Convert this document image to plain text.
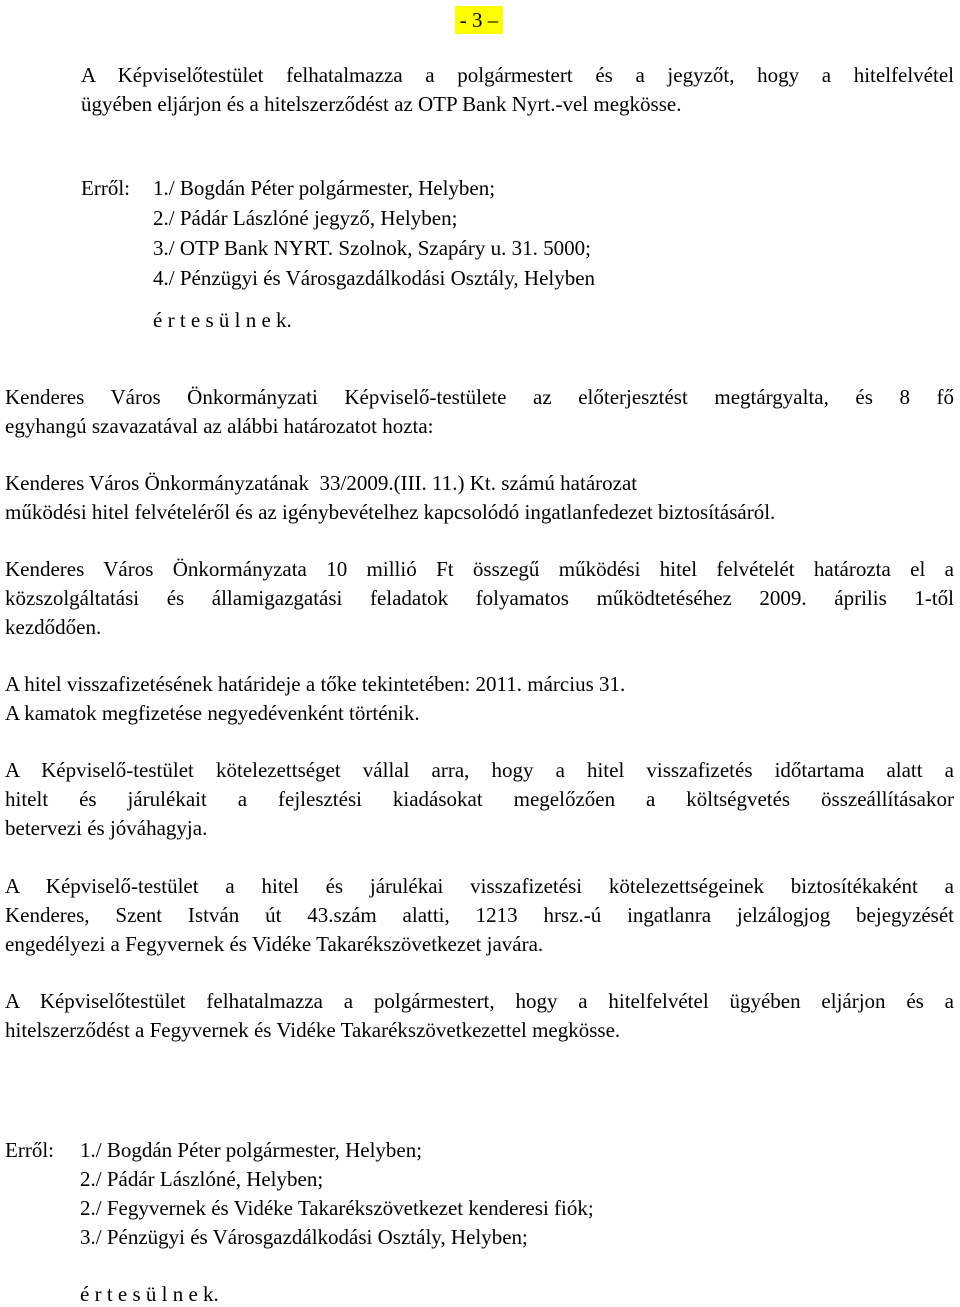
- 3 –

A Képviselőtestület felhatalmazza a polgármestert és a jegyzőt, hogy a hitelfelvétel

ügyében eljárjon és a hitelszerződést az OTP Bank Nyrt.-vel megkösse.

Erről: 1./ Bogdán Péter polgármester, Helyben;
2./ Pádár Lászlóné jegyző, Helyben;
3./ OTP Bank NYRT. Szolnok, Szapáry u. 31. 5000;
4./ Pénzügyi és Városgazdálkodási Osztály, Helyben
é r t e s ü l n e k.

Kenderes Város Önkormányzati Képviselő-testülete az előterjesztést megtárgyalta, és 8 fő

egyhangú szavazatával az alábbi határozatot hozta:

Kenderes Város Önkormányzatának  33/2009.(III. 11.) Kt. számú határozat

működési hitel felvételéről és az igénybevételhez kapcsolódó ingatlanfedezet biztosításáról.

Kenderes Város Önkormányzata 10 millió Ft összegű működési hitel felvételét határozta el a

közszolgáltatási és államigazgatási feladatok folyamatos működtetéséhez 2009. április 1-től

kezdődően.

A hitel visszafizetésének határideje a tőke tekintetében: 2011. március 31.

A kamatok megfizetése negyedévenként történik.

A Képviselő-testület kötelezettséget vállal arra, hogy a hitel visszafizetés időtartama alatt a

hitelt és járulékait a fejlesztési kiadásokat megelőzően a költségvetés összeállításakor

betervezi és jóváhagyja.

A Képviselő-testület a hitel és járulékai visszafizetési kötelezettségeinek biztosítékaként a

Kenderes, Szent István út 43.szám alatti, 1213 hrsz.-ú ingatlanra jelzálogjog bejegyzését

engedélyezi a Fegyvernek és Vidéke Takarékszövetkezet javára.

A Képviselőtestület felhatalmazza a polgármestert, hogy a hitelfelvétel ügyében eljárjon és a

hitelszerződést a Fegyvernek és Vidéke Takarékszövetkezettel megkösse.

Erről: 1./ Bogdán Péter polgármester, Helyben;
2./ Pádár Lászlóné, Helyben;
2./ Fegyvernek és Vidéke Takarékszövetkezet kenderesi fiók;
3./ Pénzügyi és Városgazdálkodási Osztály, Helyben;
é r t e s ü l n e k.
